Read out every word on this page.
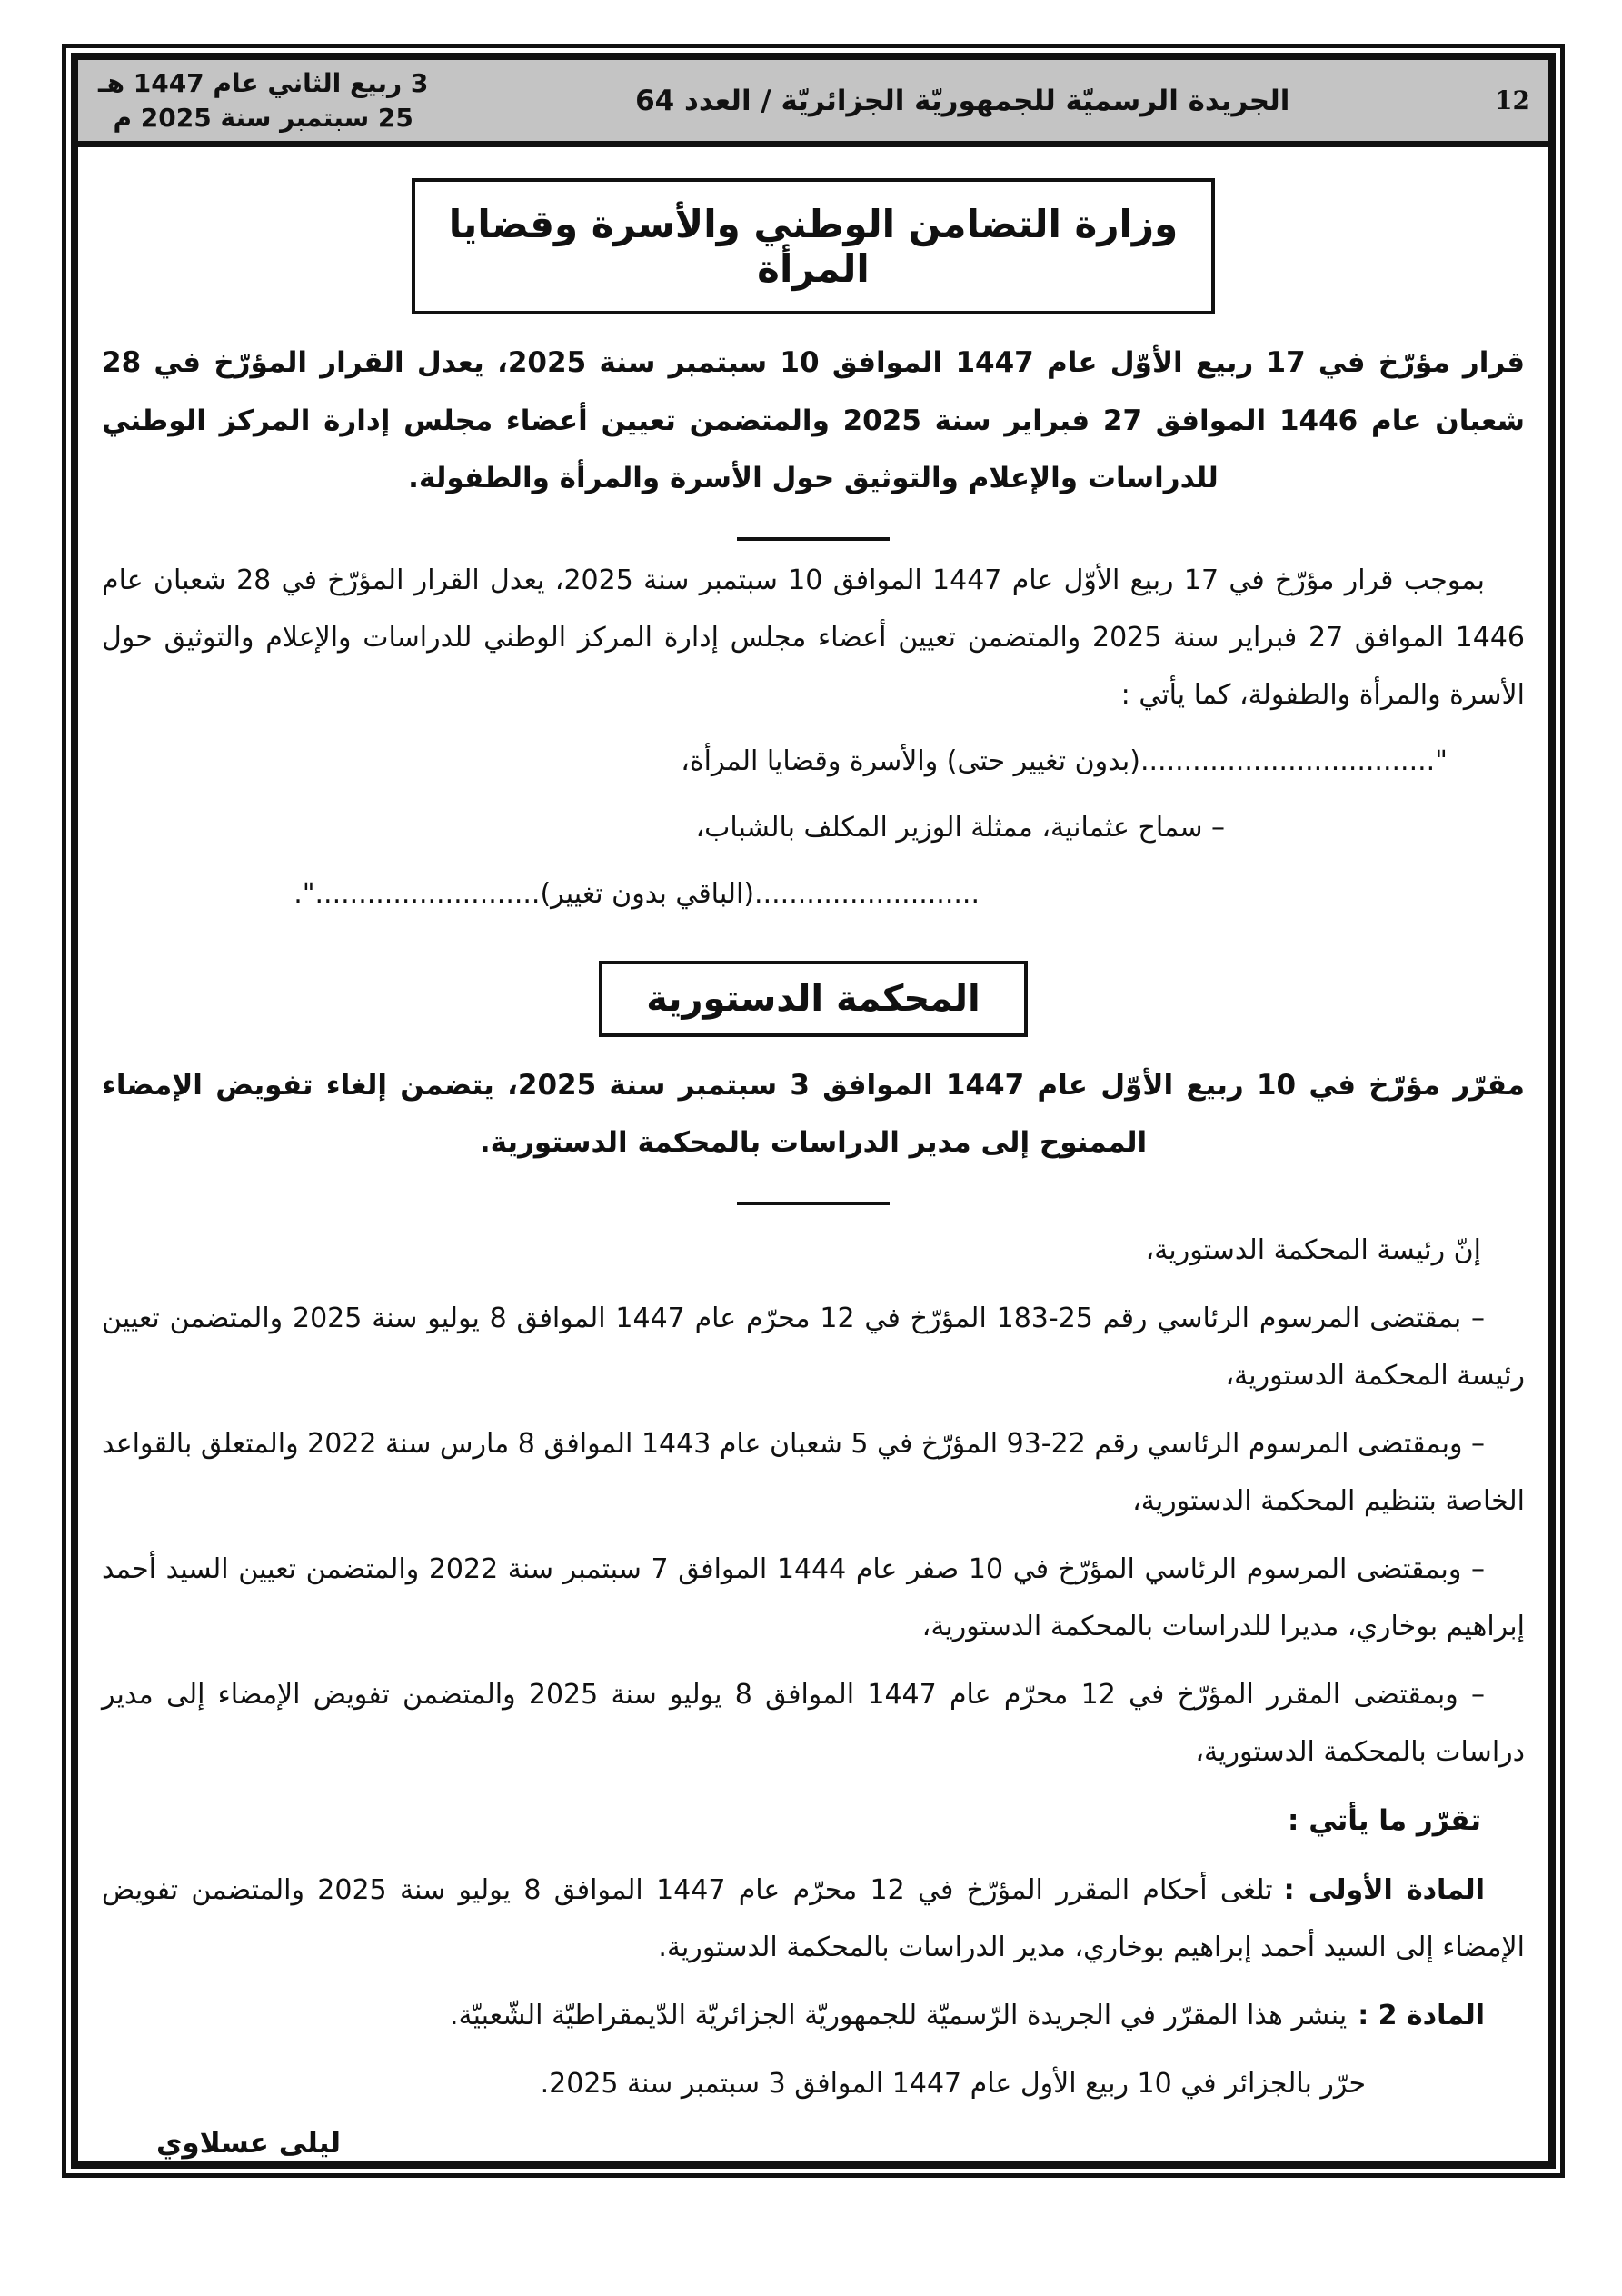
12
الجريدة الرسميّة للجمهوريّة الجزائريّة / العدد 64
3 ربيع الثاني عام 1447 هـ
25 سبتمبر سنة 2025 م
وزارة التضامن الوطني والأسرة وقضايا المرأة

قرار مؤرّخ في 17 ربيع الأوّل عام 1447 الموافق 10 سبتمبر سنة 2025، يعدل القرار المؤرّخ في 28 شعبان عام 1446 الموافق 27 فبراير سنة 2025 والمتضمن تعيين أعضاء مجلس إدارة المركز الوطني للدراسات والإعلام والتوثيق حول الأسرة والمرأة والطفولة.

بموجب قرار مؤرّخ في 17 ربيع الأوّل عام 1447 الموافق 10 سبتمبر سنة 2025، يعدل القرار المؤرّخ في 28 شعبان عام 1446 الموافق 27 فبراير سنة 2025 والمتضمن تعيين أعضاء مجلس إدارة المركز الوطني للدراسات والإعلام والتوثيق حول الأسرة والمرأة والطفولة، كما يأتي :

"..................................(بدون تغيير حتى) والأسرة وقضايا المرأة،

– سماح عثمانية، ممثلة الوزير المكلف بالشباب،

..........................(الباقي بدون تغيير)..........................".

المحكمة الدستورية

مقرّر مؤرّخ في 10 ربيع الأوّل عام 1447 الموافق 3 سبتمبر سنة 2025، يتضمن إلغاء تفويض الإمضاء الممنوح إلى مدير الدراسات بالمحكمة الدستورية.

إنّ رئيسة المحكمة الدستورية،

– بمقتضى المرسوم الرئاسي رقم 25-183 المؤرّخ في 12 محرّم عام 1447 الموافق 8 يوليو سنة 2025 والمتضمن تعيين رئيسة المحكمة الدستورية،

– وبمقتضى المرسوم الرئاسي رقم 22-93 المؤرّخ في 5 شعبان عام 1443 الموافق 8 مارس سنة 2022 والمتعلق بالقواعد الخاصة بتنظيم المحكمة الدستورية،

– وبمقتضى المرسوم الرئاسي المؤرّخ في 10 صفر عام 1444 الموافق 7 سبتمبر سنة 2022 والمتضمن تعيين السيد أحمد إبراهيم بوخاري، مديرا للدراسات بالمحكمة الدستورية،

– وبمقتضى المقرر المؤرّخ في 12 محرّم عام 1447 الموافق 8 يوليو سنة 2025 والمتضمن تفويض الإمضاء إلى مدير دراسات بالمحكمة الدستورية،

تقرّر ما يأتي :

المادة الأولى :تلغى أحكام المقرر المؤرّخ في 12 محرّم عام 1447 الموافق 8 يوليو سنة 2025 والمتضمن تفويض الإمضاء إلى السيد أحمد إبراهيم بوخاري، مدير الدراسات بالمحكمة الدستورية.

المادة 2 :ينشر هذا المقرّر في الجريدة الرّسميّة للجمهوريّة الجزائريّة الدّيمقراطيّة الشّعبيّة.

حرّر بالجزائر في 10 ربيع الأول عام 1447 الموافق 3 سبتمبر سنة 2025.

ليلى عسلاوي
